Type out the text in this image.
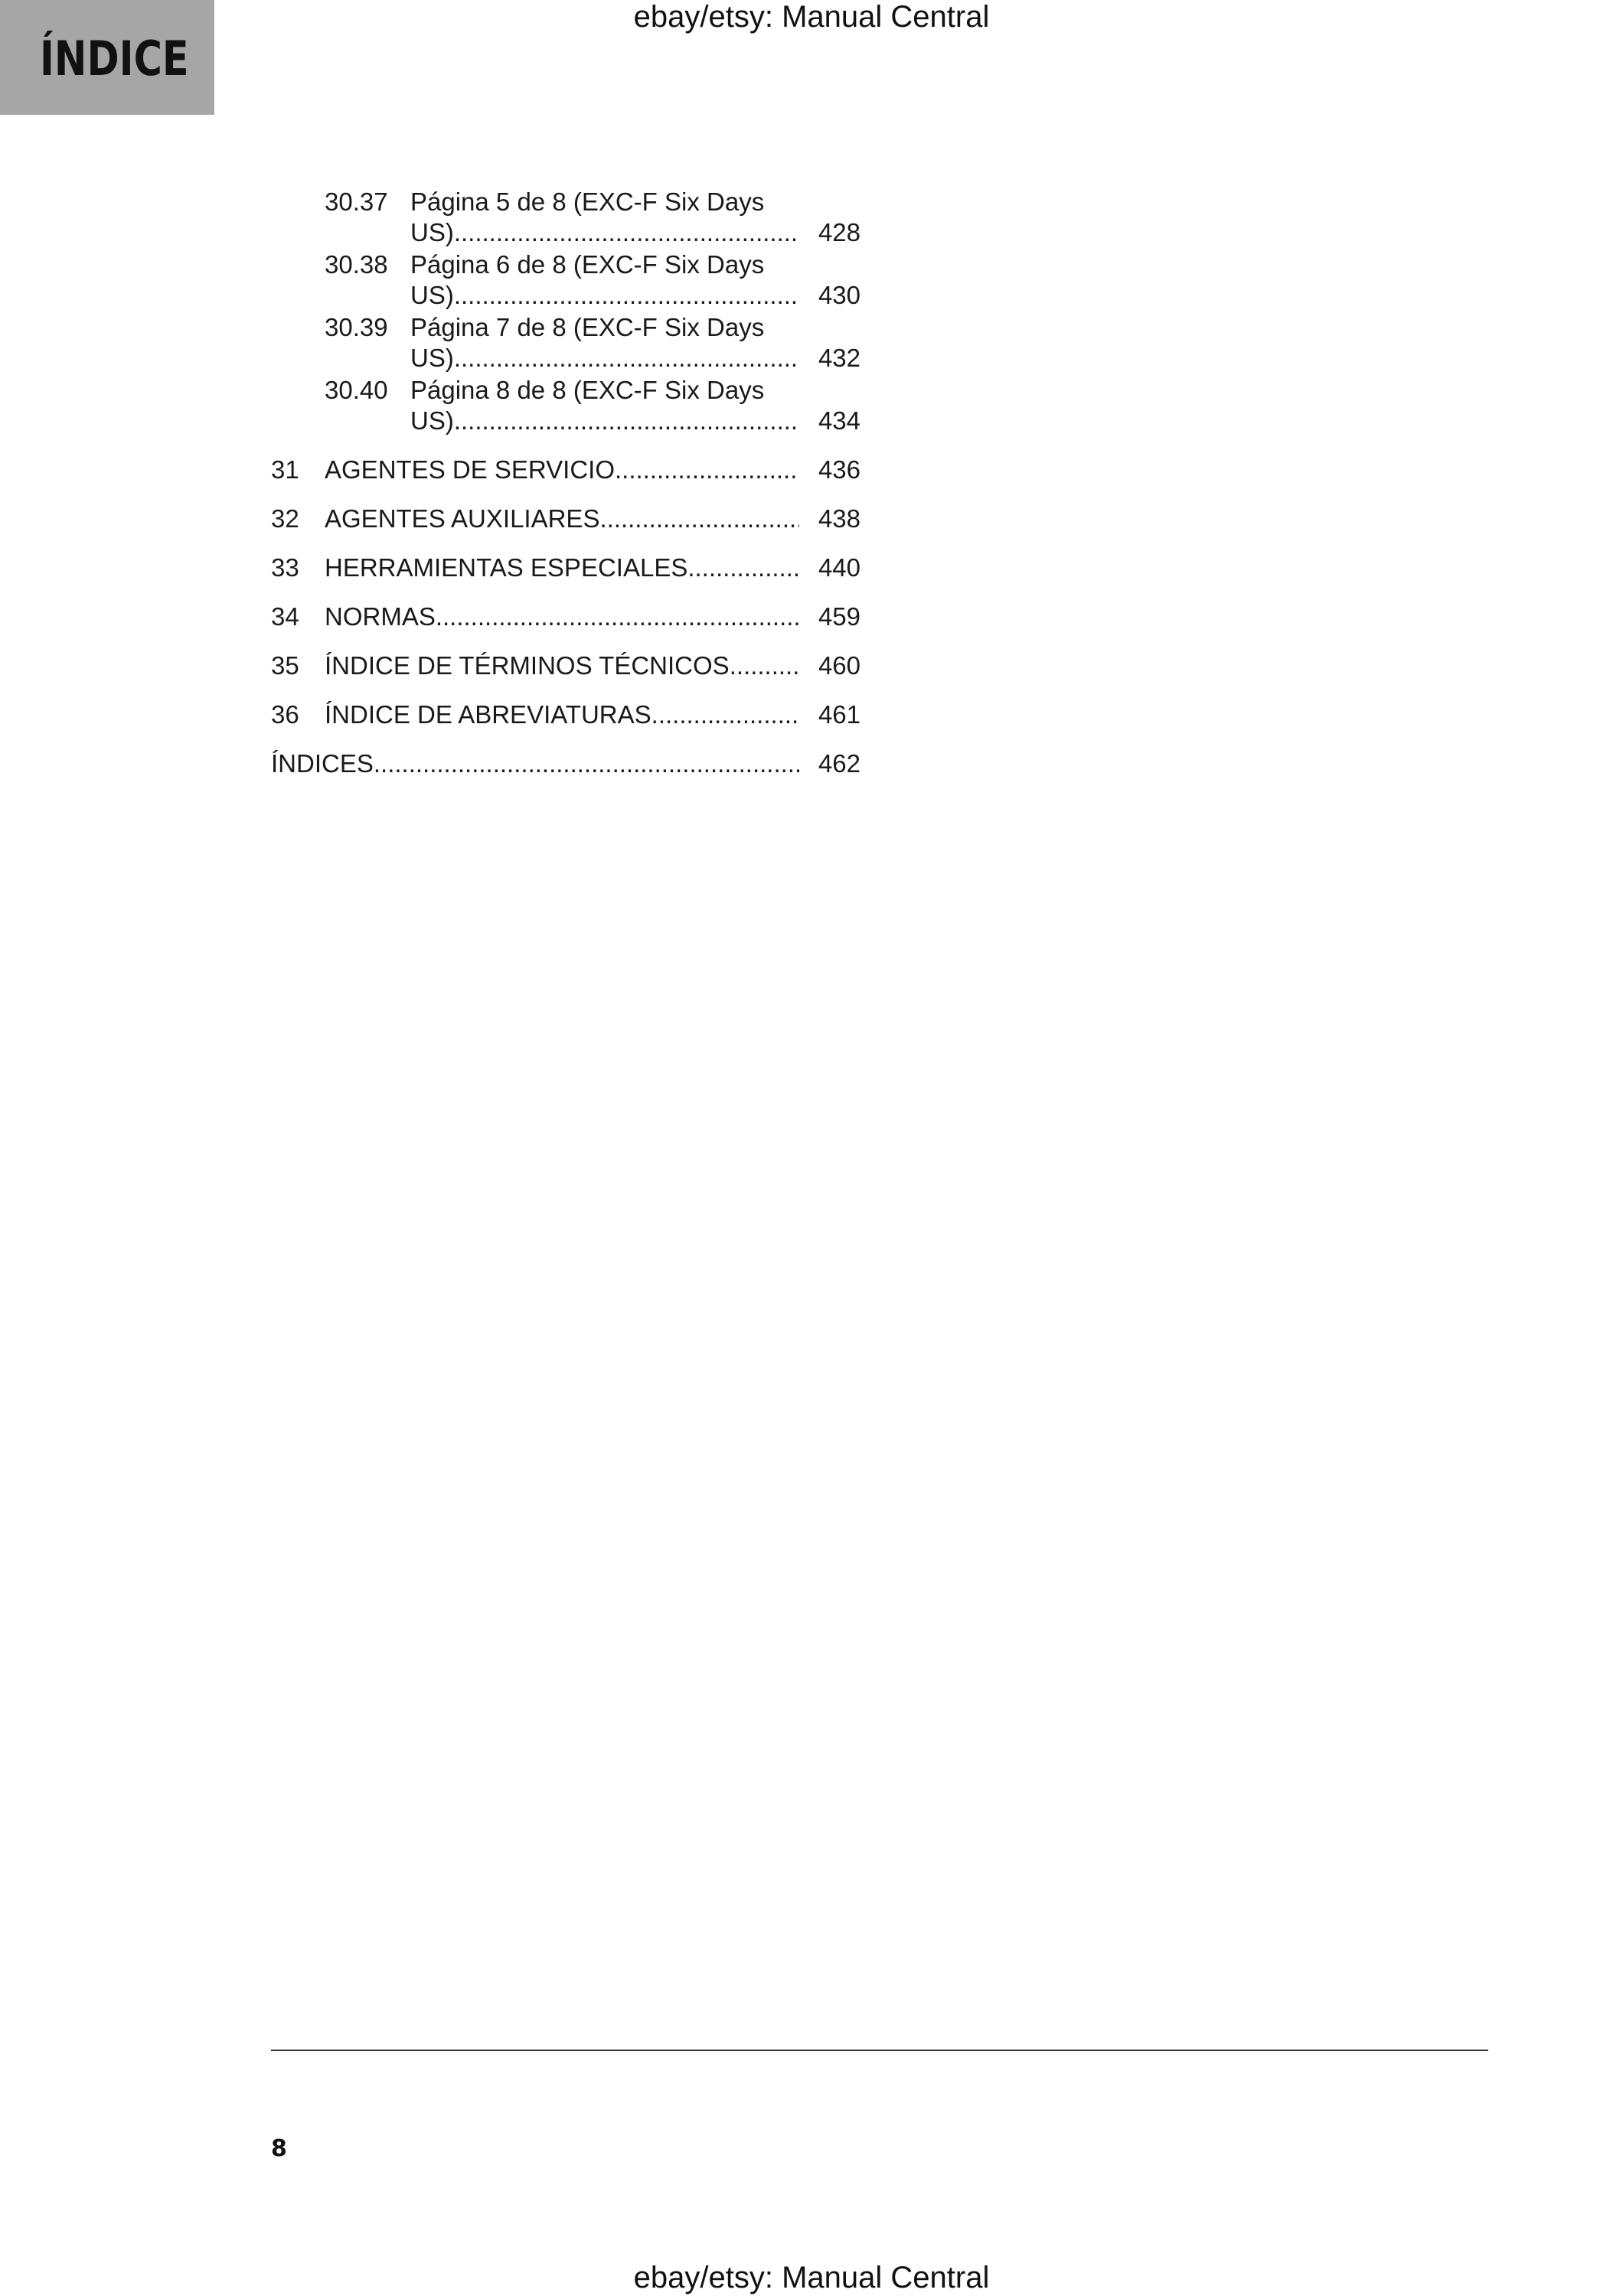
ÍNDICE
ebay/etsy: Manual Central
30.37 Página 5 de 8 (EXC-F Six Days
US) .....	428
30.38 Página 6 de 8 (EXC-F Six Days
US) .....	430
30.39 Página 7 de 8 (EXC-F Six Days
US) .....	432
30.40 Página 8 de 8 (EXC-F Six Days
US) .....	434
31	AGENTES DE SERVICIO .....	436
32	AGENTES AUXILIARES .....	438
33	HERRAMIENTAS ESPECIALES .....	440
34	NORMAS .....	459
35	ÍNDICE DE TÉRMINOS TÉCNICOS .....	460
36	ÍNDICE DE ABREVIATURAS .....	461
ÍNDICES .....	462
8
ebay/etsy: Manual Central
